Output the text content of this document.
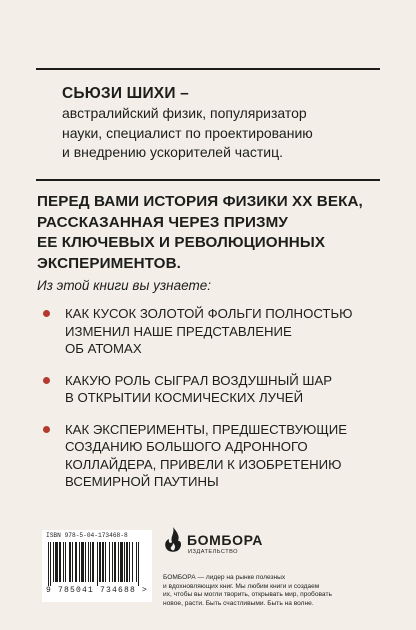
СЬЮЗИ ШИХИ –
австралийский физик, популяризатор
науки, специалист по проектированию
и внедрению ускорителей частиц.
ПЕРЕД ВАМИ ИСТОРИЯ ФИЗИКИ XX ВЕКА,
РАССКАЗАННАЯ ЧЕРЕЗ ПРИЗМУ
ЕЕ КЛЮЧЕВЫХ И РЕВОЛЮЦИОННЫХ
ЭКСПЕРИМЕНТОВ.
Из этой книги вы узнаете:
КАК КУСОК ЗОЛОТОЙ ФОЛЬГИ ПОЛНОСТЬЮ
ИЗМЕНИЛ НАШЕ ПРЕДСТАВЛЕНИЕ
ОБ АТОМАХ
КАКУЮ РОЛЬ СЫГРАЛ ВОЗДУШНЫЙ ШАР
В ОТКРЫТИИ КОСМИЧЕСКИХ ЛУЧЕЙ
КАК ЭКСПЕРИМЕНТЫ, ПРЕДШЕСТВУЮЩИЕ
СОЗДАНИЮ БОЛЬШОГО АДРОННОГО
КОЛЛАЙДЕРА, ПРИВЕЛИ К ИЗОБРЕТЕНИЮ
ВСЕМИРНОЙ ПАУТИНЫ
ISBN 978-5-04-173468-8
9 785041 734688 >
БОМБОРА
ИЗДАТЕЛЬСТВО
БОМБОРА — лидер на рынке полезных
и вдохновляющих книг. Мы любим книги и создаем
их, чтобы вы могли творить, открывать мир, пробовать
новое, расти. Быть счастливыми. Быть на волне.
